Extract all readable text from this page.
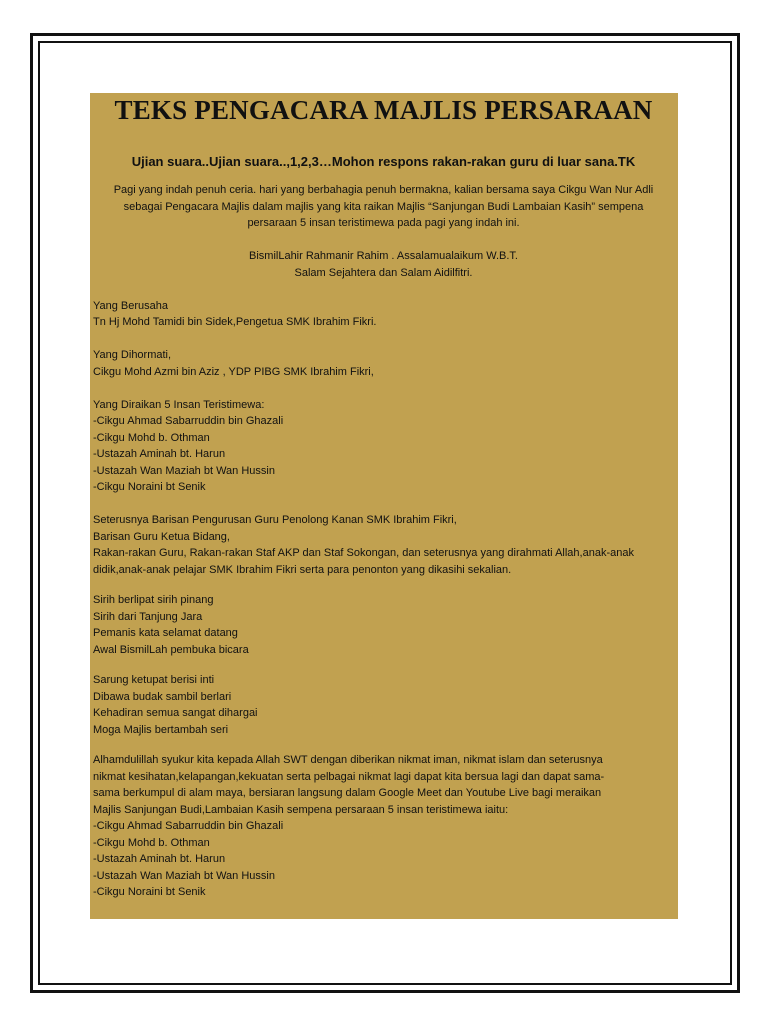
TEKS PENGACARA MAJLIS PERSARAAN

Ujian suara..Ujian suara..,1,2,3…Mohon respons rakan-rakan guru di luar sana.TK

Pagi yang indah penuh ceria. hari yang berbahagia penuh bermakna, kalian bersama saya Cikgu Wan Nur Adli
sebagai Pengacara Majlis dalam majlis yang kita raikan Majlis “Sanjungan Budi Lambaian Kasih” sempena
persaraan 5 insan teristimewa pada pagi yang indah ini.

BismilLahir Rahmanir Rahim . Assalamualaikum W.B.T.
Salam Sejahtera dan Salam Aidilfitri.

Yang Berusaha
Tn Hj Mohd Tamidi bin Sidek,Pengetua SMK Ibrahim Fikri.

Yang Dihormati,
Cikgu Mohd Azmi bin Aziz , YDP PIBG SMK Ibrahim Fikri,

Yang Diraikan 5 Insan Teristimewa:
-Cikgu Ahmad Sabarruddin bin Ghazali
-Cikgu Mohd b. Othman
-Ustazah Aminah bt. Harun
-Ustazah Wan Maziah bt Wan Hussin
-Cikgu Noraini bt Senik

Seterusnya Barisan Pengurusan Guru Penolong Kanan SMK Ibrahim Fikri,
Barisan Guru Ketua Bidang,
Rakan-rakan Guru, Rakan-rakan Staf AKP dan Staf Sokongan, dan seterusnya yang dirahmati Allah,anak-anak
didik,anak-anak pelajar SMK Ibrahim Fikri serta para penonton yang dikasihi sekalian.

Sirih berlipat sirih pinang
Sirih dari Tanjung Jara
Pemanis kata selamat datang
Awal BismilLah pembuka bicara

Sarung ketupat berisi inti
Dibawa budak sambil berlari
Kehadiran semua sangat dihargai
Moga Majlis bertambah seri

Alhamdulillah syukur kita kepada Allah SWT dengan diberikan nikmat iman, nikmat islam dan seterusnya
nikmat kesihatan,kelapangan,kekuatan serta pelbagai nikmat lagi dapat kita bersua lagi dan dapat sama-
sama berkumpul di alam maya, bersiaran langsung dalam Google Meet dan Youtube Live bagi meraikan
Majlis Sanjungan Budi,Lambaian Kasih sempena persaraan 5 insan teristimewa iaitu:
-Cikgu Ahmad Sabarruddin bin Ghazali
-Cikgu Mohd b. Othman
-Ustazah Aminah bt. Harun
-Ustazah Wan Maziah bt Wan Hussin
-Cikgu Noraini bt Senik
